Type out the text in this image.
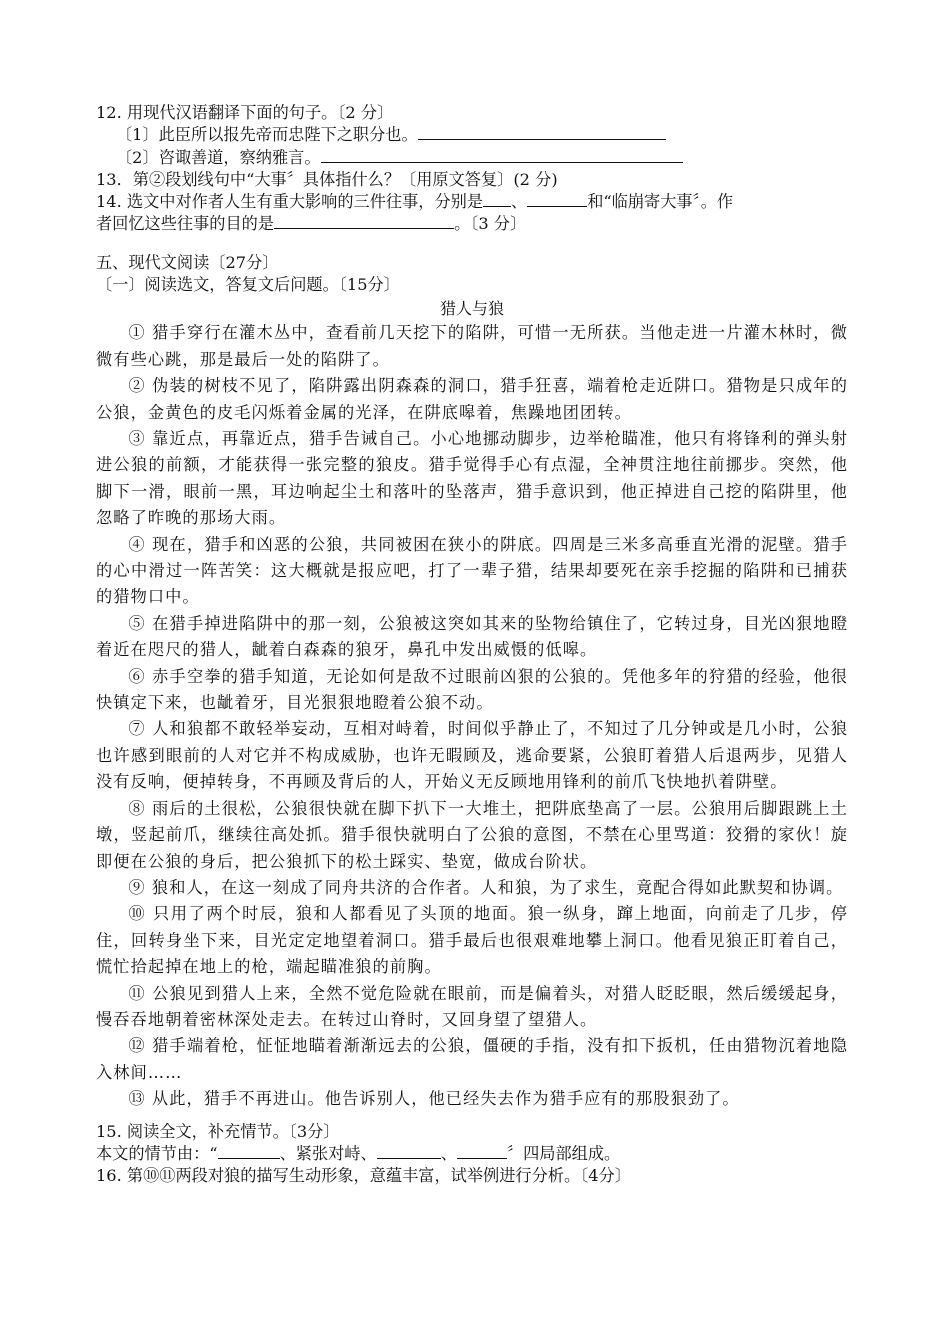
12. 用现代汉语翻译下面的句子。〔2 分〕
〔1〕此臣所以报先帝而忠陛下之职分也。
〔2〕咨诹善道，察纳雅言。
13．第②段划线句中“大事〞具体指什么？〔用原文答复〕(2 分)
14. 选文中对作者人生有重大影响的三件往事，分别是 、	和“临崩寄大事〞。作
者回忆这些往事的目的是	。〔3 分〕
五、现代文阅读〔27分〕
〔一〕阅读选文，答复文后问题。〔15分〕
猎人与狼

① 猎手穿行在灌木丛中，查看前几天挖下的陷阱，可惜一无所获。当他走进一片灌木林时，微微有些心跳，那是最后一处的陷阱了。

② 伪装的树枝不见了，陷阱露出阴森森的洞口，猎手狂喜，端着枪走近阱口。猎物是只成年的公狼，金黄色的皮毛闪烁着金属的光泽，在阱底嗥着，焦躁地团团转。

③ 靠近点，再靠近点，猎手告诫自己。小心地挪动脚步，边举枪瞄准，他只有将锋利的弹头射进公狼的前额，才能获得一张完整的狼皮。猎手觉得手心有点湿，全神贯注地往前挪步。突然，他脚下一滑，眼前一黑，耳边响起尘土和落叶的坠落声，猎手意识到，他正掉进自己挖的陷阱里，他忽略了昨晚的那场大雨。

④ 现在，猎手和凶恶的公狼，共同被困在狭小的阱底。四周是三米多高垂直光滑的泥壁。猎手的心中滑过一阵苦笑：这大概就是报应吧，打了一辈子猎，结果却要死在亲手挖掘的陷阱和已捕获的猎物口中。

⑤ 在猎手掉进陷阱中的那一刻，公狼被这突如其来的坠物给镇住了，它转过身，目光凶狠地瞪着近在咫尺的猎人，龇着白森森的狼牙，鼻孔中发出威慑的低嗥。

⑥ 赤手空拳的猎手知道，无论如何是敌不过眼前凶狠的公狼的。凭他多年的狩猎的经验，他很快镇定下来，也龇着牙，目光狠狠地瞪着公狼不动。

⑦ 人和狼都不敢轻举妄动，互相对峙着，时间似乎静止了，不知过了几分钟或是几小时，公狼也许感到眼前的人对它并不构成威胁，也许无暇顾及，逃命要紧，公狼盯着猎人后退两步，见猎人没有反响，便掉转身，不再顾及背后的人，开始义无反顾地用锋利的前爪飞快地扒着阱壁。

⑧ 雨后的土很松，公狼很快就在脚下扒下一大堆土，把阱底垫高了一层。公狼用后脚跟跳上土墩，竖起前爪，继续往高处抓。猎手很快就明白了公狼的意图，不禁在心里骂道：狡猾的家伙！旋即便在公狼的身后，把公狼抓下的松土踩实、垫宽，做成台阶状。

⑨ 狼和人，在这一刻成了同舟共济的合作者。人和狼，为了求生，竟配合得如此默契和协调。

⑩ 只用了两个时辰，狼和人都看见了头顶的地面。狼一纵身，蹿上地面，向前走了几步，停住，回转身坐下来，目光定定地望着洞口。猎手最后也很艰难地攀上洞口。他看见狼正盯着自己，慌忙拾起掉在地上的枪，端起瞄准狼的前胸。

⑪ 公狼见到猎人上来，全然不觉危险就在眼前，而是偏着头，对猎人眨眨眼，然后缓缓起身，慢吞吞地朝着密林深处走去。在转过山脊时，又回身望了望猎人。

⑫ 猎手端着枪，怔怔地瞄着渐渐远去的公狼，僵硬的手指，没有扣下扳机，任由猎物沉着地隐入林间……

⑬ 从此，猎手不再进山。他告诉别人，他已经失去作为猎手应有的那股狠劲了。

15. 阅读全文，补充情节。〔3分〕
本文的情节由：“	、紧张对峙、	、	〞四局部组成。
16. 第⑩⑪两段对狼的描写生动形象，意蕴丰富，试举例进行分析。〔4分〕
